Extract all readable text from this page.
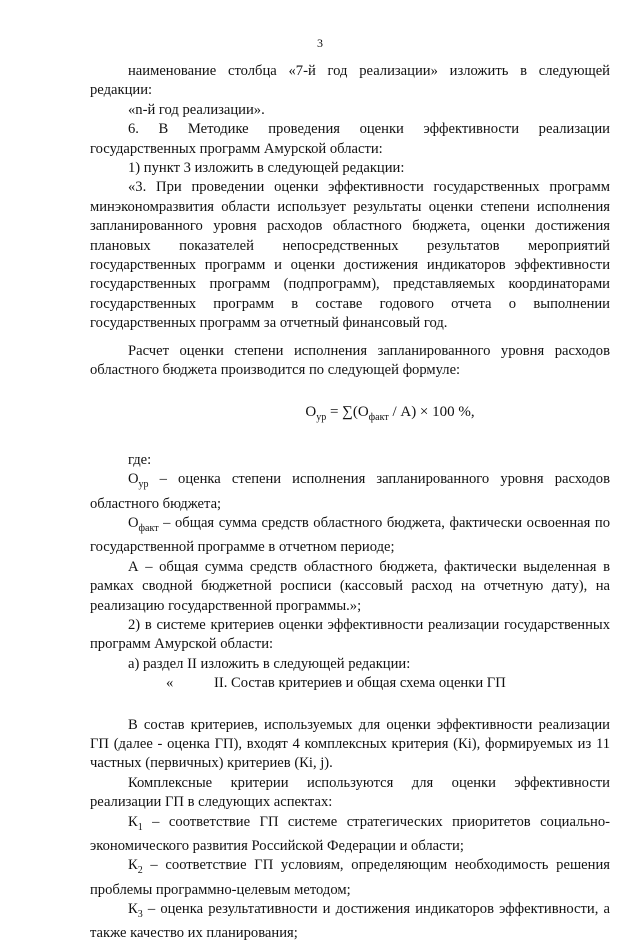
3

наименование столбца «7-й год реализации» изложить в следующей редакции:

«n-й год реализации».

6. В Методике проведения оценки эффективности реализации государственных программ Амурской области:

1) пункт 3 изложить в следующей редакции:

«3. При проведении оценки эффективности государственных программ минэкономразвития области использует результаты оценки степени исполнения запланированного уровня расходов областного бюджета, оценки достижения плановых показателей непосредственных результатов мероприятий государственных программ и оценки достижения индикаторов эффективности государственных программ (подпрограмм), представляемых координаторами государственных программ в составе годового отчета о выполнении государственных программ за отчетный финансовый год.

Расчет оценки степени исполнения запланированного уровня расходов областного бюджета производится по следующей формуле:

$О_{ур} = \sum(О_{факт} / А) \times 100$ %,

где:

$О_{ур}$ – оценка степени исполнения запланированного уровня расходов областного бюджета;

$О_{факт}$ – общая сумма средств областного бюджета, фактически освоенная по государственной программе в отчетном периоде;

А – общая сумма средств областного бюджета, фактически выделенная в рамках сводной бюджетной росписи (кассовый расход на отчетную дату), на реализацию государственной программы.»;

2) в системе критериев оценки эффективности реализации государственных программ Амурской области:

а) раздел II изложить в следующей редакции:

«	II. Состав критериев и общая схема оценки ГП

В состав критериев, используемых для оценки эффективности реализации ГП (далее - оценка ГП), входят 4 комплексных критерия (Кi), формируемых из 11 частных (первичных) критериев (Кi, j).

Комплексные критерии используются для оценки эффективности реализации ГП в следующих аспектах:

$К_1$ – соответствие ГП системе стратегических приоритетов социально-экономического развития Российской Федерации и области;

$К_2$ – соответствие ГП условиям, определяющим необходимость решения проблемы программно-целевым методом;

$К_3$ – оценка результативности и достижения индикаторов эффективности, а также качество их планирования;
